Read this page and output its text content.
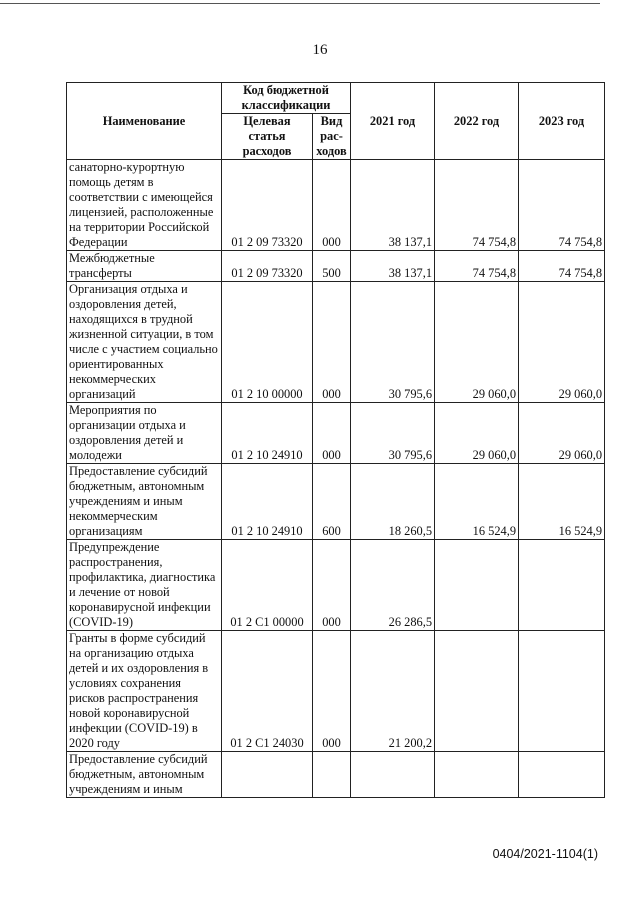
16
Наименование	Код бюджетной классификации		2021 год	2022 год	2023 год
	Целевая статья расходов	Вид рас-ходов			
санаторно-курортную помощь детям в соответствии с имеющейся лицензией, расположенные на территории Российской Федерации	01 2 09 73320	000	38 137,1	74 754,8	74 754,8
Межбюджетные трансферты	01 2 09 73320	500	38 137,1	74 754,8	74 754,8
Организация отдыха и оздоровления детей, находящихся в трудной жизненной ситуации, в том числе с участием социально ориентированных некоммерческих организаций	01 2 10 00000	000	30 795,6	29 060,0	29 060,0
Мероприятия по организации отдыха и оздоровления детей и молодежи	01 2 10 24910	000	30 795,6	29 060,0	29 060,0
Предоставление субсидий бюджетным, автономным учреждениям и иным некоммерческим организациям	01 2 10 24910	600	18 260,5	16 524,9	16 524,9
Предупреждение распространения, профилактика, диагностика и лечение от новой коронавирусной инфекции (COVID-19)	01 2 C1 00000	000	26 286,5		
Гранты в форме субсидий на организацию отдыха детей и их оздоровления в условиях сохранения рисков распространения новой коронавирусной инфекции (COVID-19) в 2020 году	01 2 C1 24030	000	21 200,2		
Предоставление субсидий бюджетным, автономным учреждениям и иным					
0404/2021-1104(1)
